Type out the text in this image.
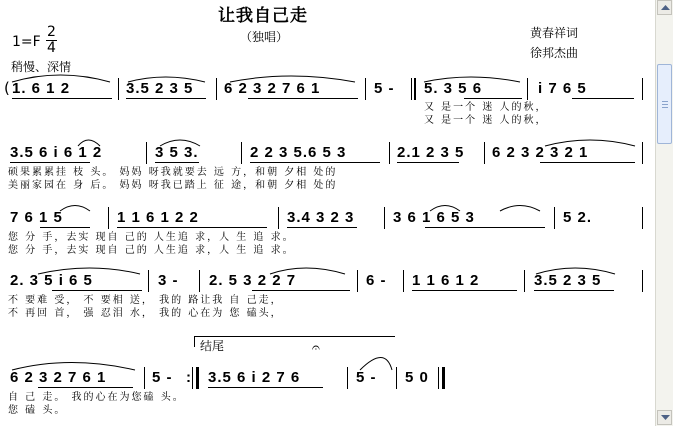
让我自己走
（独唱）
1=F
2
4
稍慢、深情
黄春祥词
徐邦杰曲
( 1. 6 1 2	3.5 2 3 5 6 2 3 2 7 6 1	5 - 5. 3 5 6	i 7 6 5
又 是一个 迷 人的秋，
又 是一个 迷 人的秋，
3.5 6 i 6 1 2	3 5 3.	2 2 3 5.6 5 3	2.1 2 3 5 6 2 3 2 3 2 1
硕果累累挂 枝 头。 妈妈 呀我就要去 远 方，和朝 夕相 处的
美丽家园在 身 后。 妈妈 呀我已踏上 征 途，和朝 夕相 处的
7 6 1 5	1 1 6 1 2 2	3.4 3 2 3	3 6 1 6 5 3	5 2.
您 分 手，去实 现自 己的 人生追 求，人 生 追 求。
您 分 手，去实 现自 己的 人生追 求，人 生 追 求。
2. 3 5 i 6 5	3 - 2. 5 3 2 2 7	6 - 1 1 6 1 2	3.5 2 3 5
不 要难 受， 不 要相 送， 我的 路让我 自 己走，
不 再回 首， 强 忍泪 水， 我的 心在为 您 磕头，
结尾	𝄐
6 2 3 2 7 6 1	5 - : 3.5 6 i 2 7 6	5 - 5 0
自 己 走。 我的心在为您磕 头。
您 磕 头。
